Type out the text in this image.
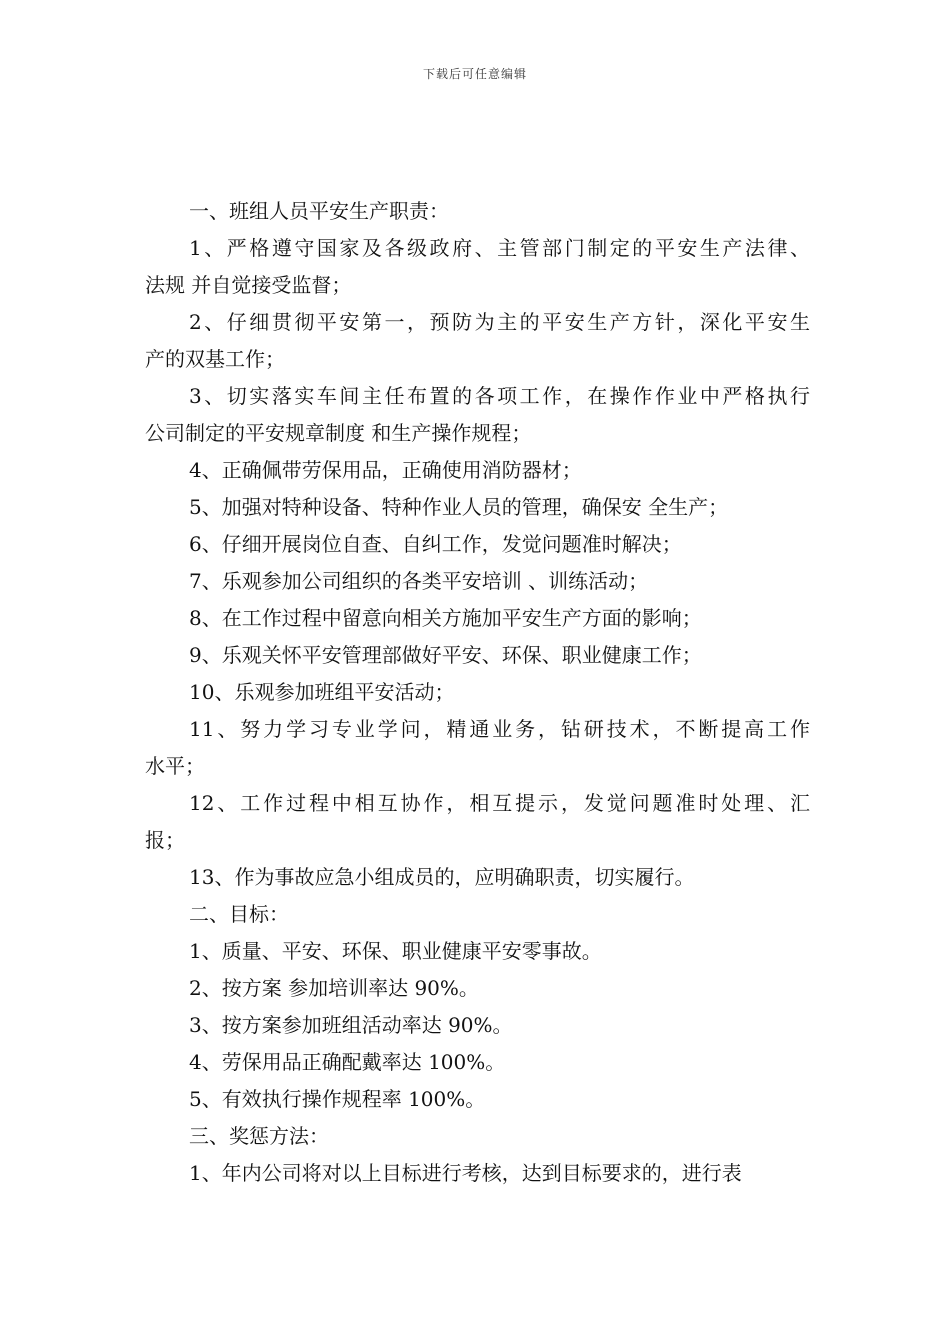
下载后可任意编辑

一、班组人员平安生产职责：

1、严格遵守国家及各级政府、主管部门制定的平安生产法律、
法规 并自觉接受监督；

2、仔细贯彻平安第一，预防为主的平安生产方针，深化平安生
产的双基工作；

3、切实落实车间主任布置的各项工作，在操作作业中严格执行
公司制定的平安规章制度 和生产操作规程；

4、正确佩带劳保用品，正确使用消防器材；

5、加强对特种设备、特种作业人员的管理，确保安 全生产；

6、仔细开展岗位自查、自纠工作，发觉问题准时解决；

7、乐观参加公司组织的各类平安培训 、训练活动；

8、在工作过程中留意向相关方施加平安生产方面的影响；

9、乐观关怀平安管理部做好平安、环保、职业健康工作；

10、乐观参加班组平安活动；

11、努力学习专业学问，精通业务，钻研技术，不断提高工作
水平；

12、工作过程中相互协作，相互提示，发觉问题准时处理、汇
报；

13、作为事故应急小组成员的，应明确职责，切实履行。

二、目标：

1、质量、平安、环保、职业健康平安零事故。

2、按方案 参加培训率达 90%。

3、按方案参加班组活动率达 90%。

4、劳保用品正确配戴率达 100%。

5、有效执行操作规程率 100%。

三、奖惩方法：

1、年内公司将对以上目标进行考核，达到目标要求的，进行表
